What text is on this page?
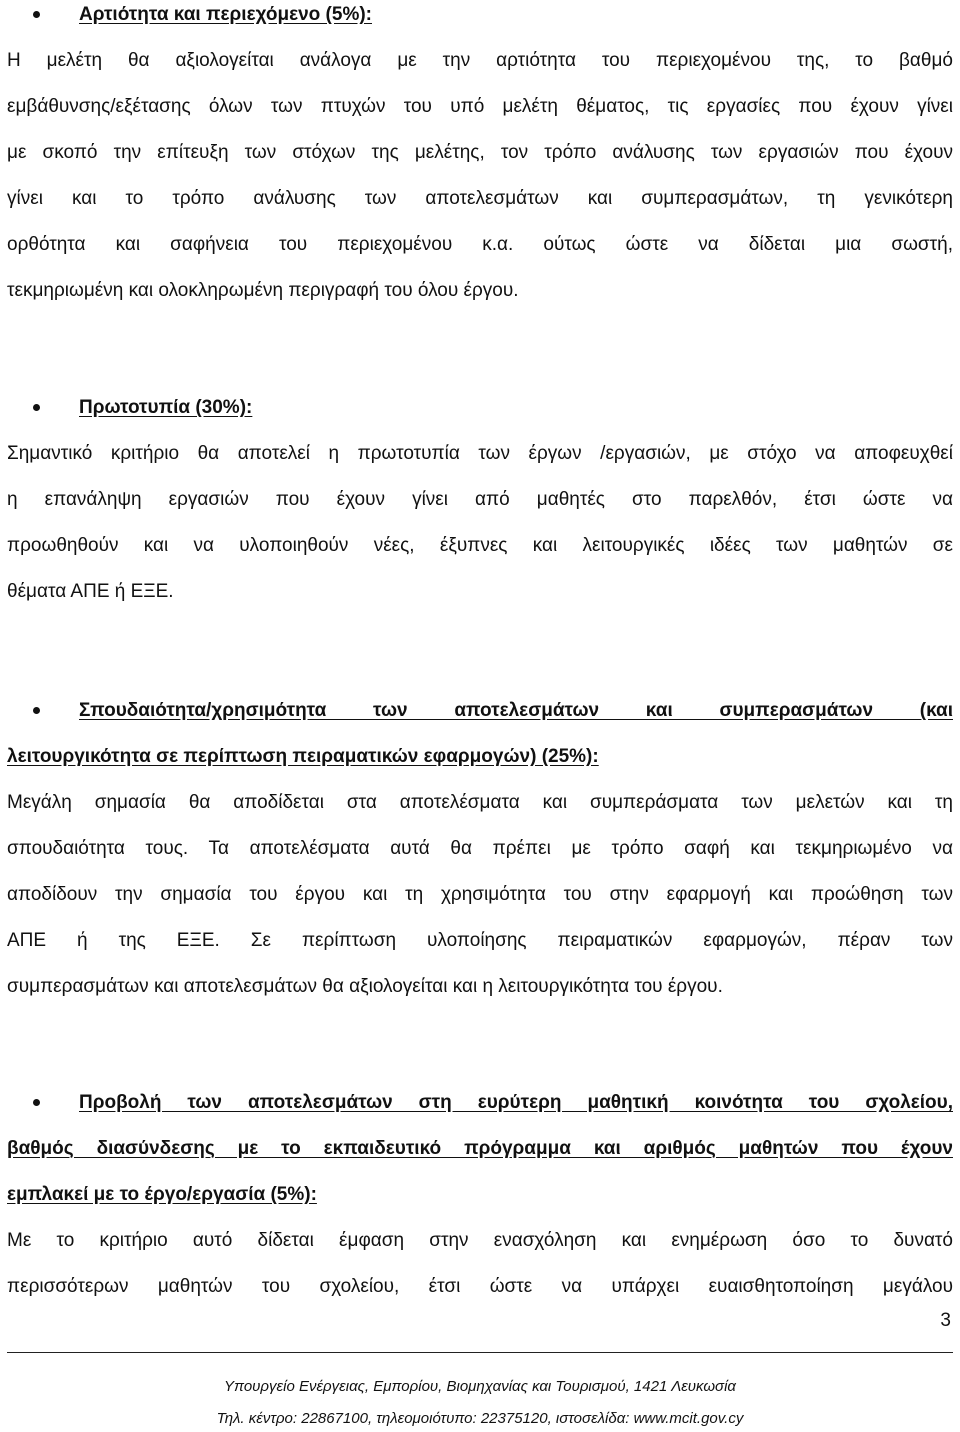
Αρτιότητα και περιεχόμενο (5%):

Η μελέτη θα αξιολογείται ανάλογα με την αρτιότητα του περιεχομένου της, το βαθμό
εμβάθυνσης/εξέτασης όλων των πτυχών του υπό μελέτη θέματος, τις εργασίες που έχουν γίνει
με σκοπό την επίτευξη των στόχων της μελέτης, τον τρόπο ανάλυσης των εργασιών που έχουν
γίνει και το τρόπο ανάλυσης των αποτελεσμάτων και συμπερασμάτων, τη γενικότερη
ορθότητα και σαφήνεια του περιεχομένου κ.α. ούτως ώστε να δίδεται μια σωστή,
τεκμηριωμένη και ολοκληρωμένη περιγραφή του όλου έργου.

Πρωτοτυπία (30%):

Σημαντικό κριτήριο θα αποτελεί η πρωτοτυπία των έργων /εργασιών, με στόχο να αποφευχθεί
η επανάληψη εργασιών που έχουν γίνει από μαθητές στο παρελθόν, έτσι ώστε να
προωθηθούν και να υλοποιηθούν νέες, έξυπνες και λειτουργικές ιδέες των μαθητών σε
θέματα ΑΠΕ ή ΕΞΕ.

Σπουδαιότητα/χρησιμότητα των αποτελεσμάτων και συμπερασμάτων (και
λειτουργικότητα σε περίπτωση πειραματικών εφαρμογών) (25%):

Μεγάλη σημασία θα αποδίδεται στα αποτελέσματα και συμπεράσματα των μελετών και τη
σπουδαιότητα τους. Τα αποτελέσματα αυτά θα πρέπει με τρόπο σαφή και τεκμηριωμένο να
αποδίδουν την σημασία του έργου και τη χρησιμότητα του στην εφαρμογή και προώθηση των
ΑΠΕ ή της ΕΞΕ. Σε περίπτωση υλοποίησης πειραματικών εφαρμογών, πέραν των
συμπερασμάτων και αποτελεσμάτων θα αξιολογείται και η λειτουργικότητα του έργου.

Προβολή των αποτελεσμάτων στη ευρύτερη μαθητική κοινότητα του σχολείου,
βαθμός διασύνδεσης με το εκπαιδευτικό πρόγραμμα και αριθμός μαθητών που έχουν
εμπλακεί με το έργο/εργασία (5%):

Με το κριτήριο αυτό δίδεται έμφαση στην ενασχόληση και ενημέρωση όσο το δυνατό
περισσότερων μαθητών του σχολείου, έτσι ώστε να υπάρχει ευαισθητοποίηση μεγάλου

3
Υπουργείο Ενέργειας, Εμπορίου, Βιομηχανίας και Τουρισμού, 1421 Λευκωσία
Τηλ. κέντρο: 22867100, τηλεομοιότυπο: 22375120, ιστοσελίδα: www.mcit.gov.cy
